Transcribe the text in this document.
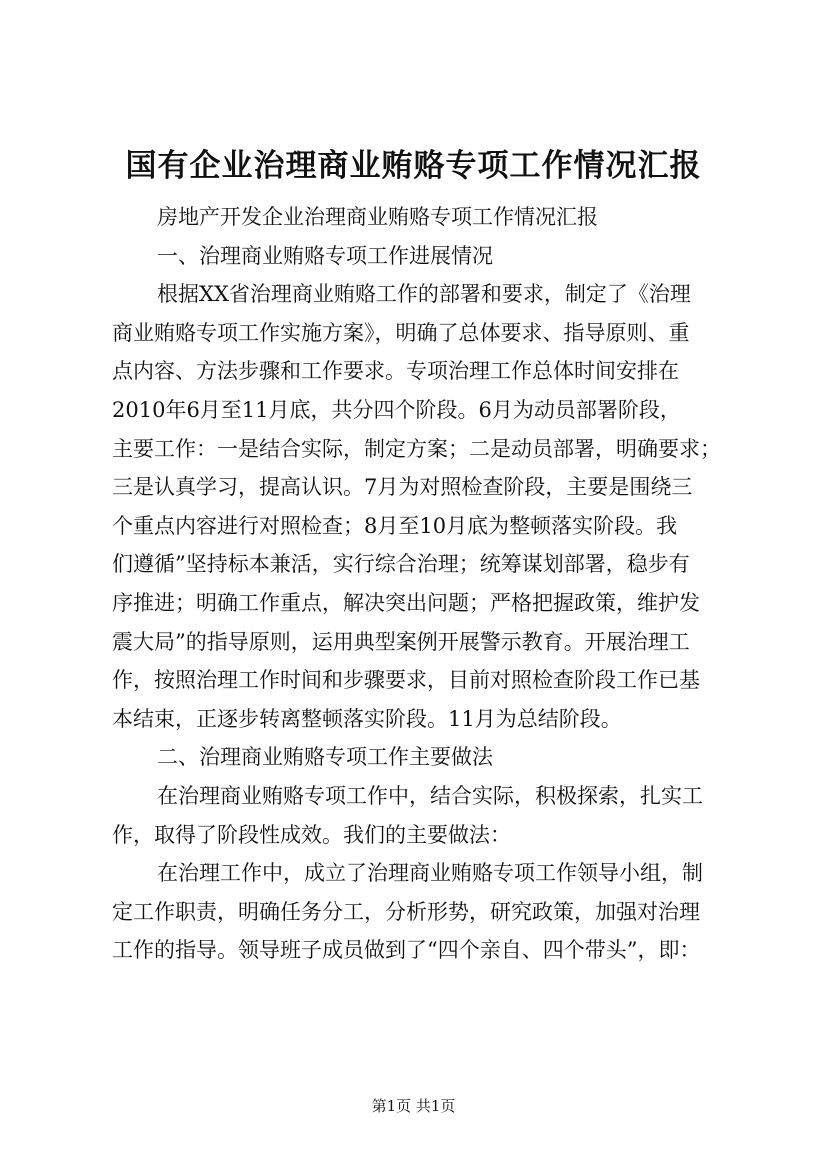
国有企业治理商业贿赂专项工作情况汇报
房地产开发企业治理商业贿赂专项工作情况汇报
一、治理商业贿赂专项工作进展情况
根据XX省治理商业贿赂工作的部署和要求，制定了《治理
商业贿赂专项工作实施方案》，明确了总体要求、指导原则、重
点内容、方法步骤和工作要求。专项治理工作总体时间安排在
2010年6月至11月底，共分四个阶段。6月为动员部署阶段，
主要工作：一是结合实际，制定方案；二是动员部署，明确要求；
三是认真学习，提高认识。7月为对照检查阶段，主要是围绕三
个重点内容进行对照检查；8月至10月底为整顿落实阶段。我
们遵循”坚持标本兼活，实行综合治理；统筹谋划部署，稳步有
序推进；明确工作重点，解决突出问题；严格把握政策，维护发
震大局”的指导原则，运用典型案例开展警示教育。开展治理工
作，按照治理工作时间和步骤要求，目前对照检查阶段工作已基
本结束，正逐步转离整顿落实阶段。11月为总结阶段。
二、治理商业贿赂专项工作主要做法
在治理商业贿赂专项工作中，结合实际，积极探索，扎实工
作，取得了阶段性成效。我们的主要做法：
在治理工作中，成立了治理商业贿赂专项工作领导小组，制
定工作职责，明确任务分工，分析形势，研究政策，加强对治理
工作的指导。领导班子成员做到了“四个亲自、四个带头”，即：
第1页 共1页
